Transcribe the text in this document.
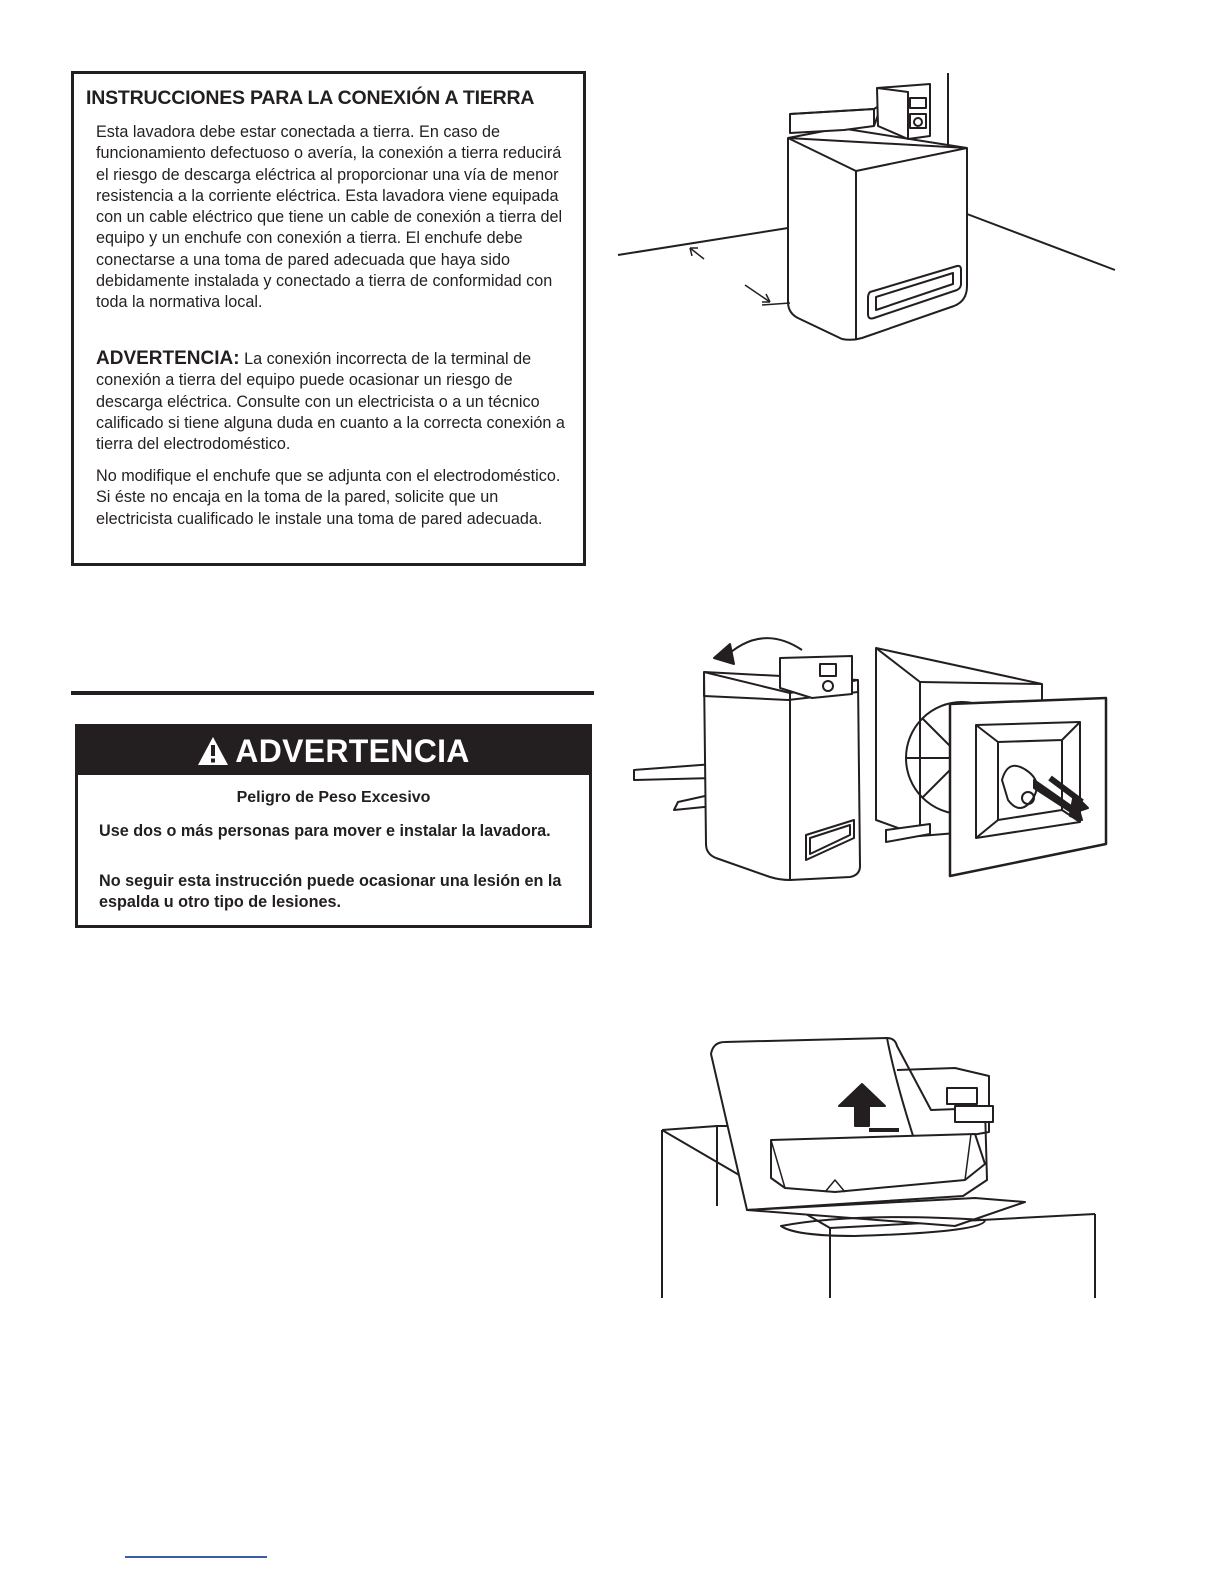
INSTRUCCIONES PARA LA CONEXIÓN A TIERRA

Esta lavadora debe estar conectada a tierra. En caso de funcionamiento defectuoso o avería, la conexión a tierra reducirá el riesgo de descarga eléctrica al proporcionar una vía de menor resistencia a la corriente eléctrica. Esta lavadora viene equipada con un cable eléctrico que tiene un cable de conexión a tierra del equipo y un enchufe con conexión a tierra. El enchufe debe conectarse a una toma de pared adecuada que haya sido debidamente instalada y conectado a tierra de conformidad con toda la normativa local.

ADVERTENCIA: La conexión incorrecta de la terminal de conexión a tierra del equipo puede ocasionar un riesgo de descarga eléctrica. Consulte con un electricista o a un técnico calificado si tiene alguna duda en cuanto a la correcta conexión a tierra del electrodoméstico.

No modifique el enchufe que se adjunta con el electrodoméstico. Si éste no encaja en la toma de la pared, solicite que un electricista cualificado le instale una toma de pared adecuada.

ADVERTENCIA
Peligro de Peso Excesivo

Use dos o más personas para mover e instalar la lavadora.

No seguir esta instrucción puede ocasionar una lesión en la espalda u otro tipo de lesiones.
